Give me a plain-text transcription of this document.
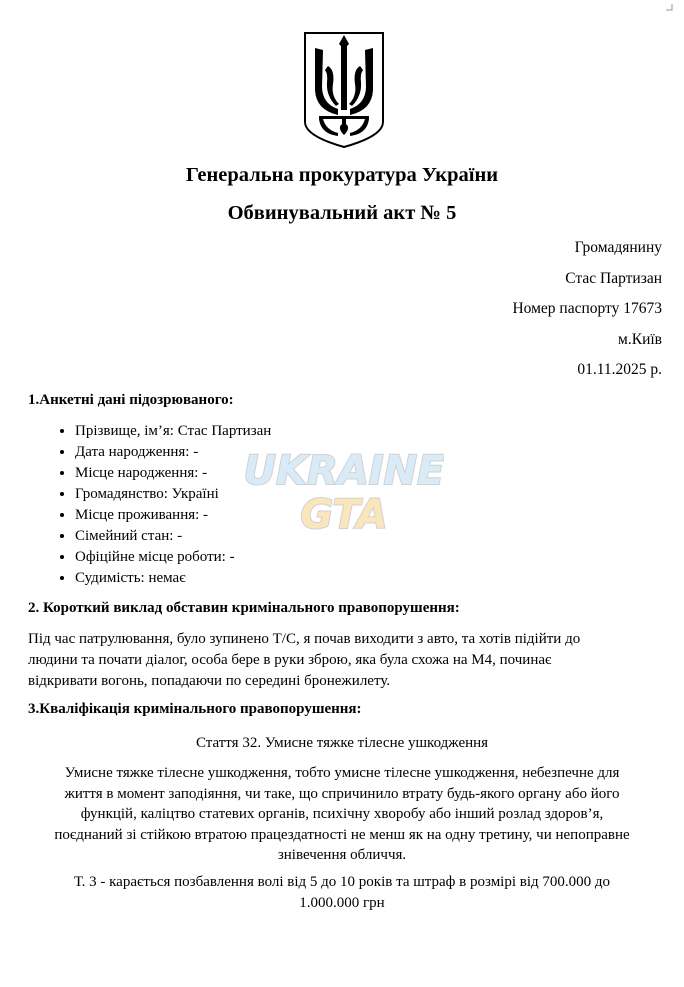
Генеральна прокуратура України
Обвинувальний акт № 5
Громадянину
Стас Партизан
Номер паспорту 17673
м.Київ
01.11.2025 р.
1.Анкетні дані підозрюваного:
• Прізвище, ім’я: Стас Партизан
• Дата народження: -
• Місце народження: -
• Громадянство: Україні
• Місце проживання: -
• Сімейний стан: -
• Офіційне місце роботи: -
• Судимість: немає
2. Короткий виклад обставин кримінального правопорушення:
Під час патрулювання, було зупинено Т/С, я почав виходити з авто, та хотів підійти до
людини та почати діалог, особа бере в руки зброю, яка була схожа на М4, починає
відкривати вогонь, попадаючи по середині бронежилету.
3.Кваліфікація кримінального правопорушення:
Стаття 32. Умисне тяжке тілесне ушкодження
Умисне тяжке тілесне ушкодження, тобто умисне тілесне ушкодження, небезпечне для
життя в момент заподіяння, чи таке, що спричинило втрату будь-якого органу або його
функцій, каліцтво статевих органів, психічну хворобу або інший розлад здоров’я,
поєднаний зі стійкою втратою працездатності не менш як на одну третину, чи непоправне
знівечення обличчя.
Т. 3 - карається позбавлення волі від 5 до 10 років та штраф в розмірі від 700.000 до
1.000.000 грн
UKRAINE
GTA
